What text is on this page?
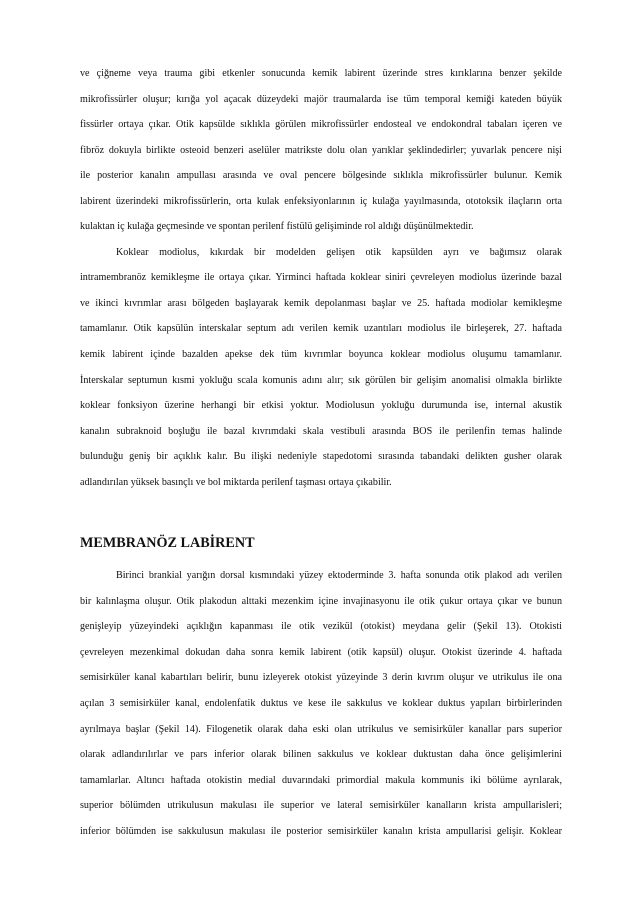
ve çiğneme veya trauma gibi etkenler sonucunda kemik labirent üzerinde stres kırıklarına benzer şekilde

mikrofissürler oluşur; kırığa yol açacak düzeydeki majör traumalarda ise tüm temporal kemiği kateden büyük

fissürler ortaya çıkar. Otik kapsülde sıklıkla görülen mikrofissürler endosteal ve endokondral tabaları içeren ve

fibröz dokuyla birlikte osteoid benzeri aselüler matrikste dolu olan yarıklar şeklindedirler; yuvarlak pencere nişi

ile posterior kanalın ampullası arasında ve oval pencere bölgesinde sıklıkla mikrofissürler bulunur. Kemik

labirent üzerindeki mikrofissürlerin, orta kulak enfeksiyonlarının iç kulağa yayılmasında, ototoksik ilaçların orta

kulaktan iç kulağa geçmesinde ve spontan perilenf fistülü gelişiminde rol aldığı düşünülmektedir.

Koklear modiolus, kıkırdak bir modelden gelişen otik kapsülden ayrı ve bağımsız olarak

intramembranöz kemikleşme ile ortaya çıkar. Yirminci haftada koklear siniri çevreleyen modiolus üzerinde bazal

ve ikinci kıvrımlar arası bölgeden başlayarak kemik depolanması başlar ve 25. haftada modiolar kemikleşme

tamamlanır. Otik kapsülün interskalar septum adı verilen kemik uzantıları modiolus ile birleşerek, 27. haftada

kemik labirent içinde bazalden apekse dek tüm kıvrımlar boyunca koklear modiolus oluşumu tamamlanır.

İnterskalar septumun kısmi yokluğu scala komunis adını alır; sık görülen bir gelişim anomalisi olmakla birlikte

koklear fonksiyon üzerine herhangi bir etkisi yoktur. Modiolusun yokluğu durumunda ise, internal akustik

kanalın subraknoid boşluğu ile bazal kıvrımdaki skala vestibuli arasında BOS ile perilenfin temas halinde

bulunduğu geniş bir açıklık kalır. Bu ilişki nedeniyle stapedotomi sırasında tabandaki delikten gusher olarak

adlandırılan yüksek basınçlı ve bol miktarda perilenf taşması ortaya çıkabilir.

MEMBRANÖZ LABİRENT

Birinci brankial yarığın dorsal kısmındaki yüzey ektoderminde 3. hafta sonunda otik plakod adı verilen

bir kalınlaşma oluşur. Otik plakodun alttaki mezenkim içine invajinasyonu ile otik çukur ortaya çıkar ve bunun

genişleyip yüzeyindeki açıklığın kapanması ile otik vezikül (otokist) meydana gelir (Şekil 13). Otokisti

çevreleyen mezenkimal dokudan daha sonra kemik labirent (otik kapsül) oluşur. Otokist üzerinde 4. haftada

semisirküler kanal kabartıları belirir, bunu izleyerek otokist yüzeyinde 3 derin kıvrım oluşur ve utrikulus ile ona

açılan 3 semisirküler kanal, endolenfatik duktus ve kese ile sakkulus ve koklear duktus yapıları birbirlerinden

ayrılmaya başlar (Şekil 14). Filogenetik olarak daha eski olan utrikulus ve semisirküler kanallar pars superior

olarak adlandırılırlar ve pars inferior olarak bilinen sakkulus ve koklear duktustan daha önce gelişimlerini

tamamlarlar. Altıncı haftada otokistin medial duvarındaki primordial makula kommunis iki bölüme ayrılarak,

superior bölümden utrikulusun makulası ile superior ve lateral semisirküler kanalların krista ampullarisleri;

inferior bölümden ise sakkulusun makulası ile posterior semisirküler kanalın krista ampullarisi gelişir. Koklear
